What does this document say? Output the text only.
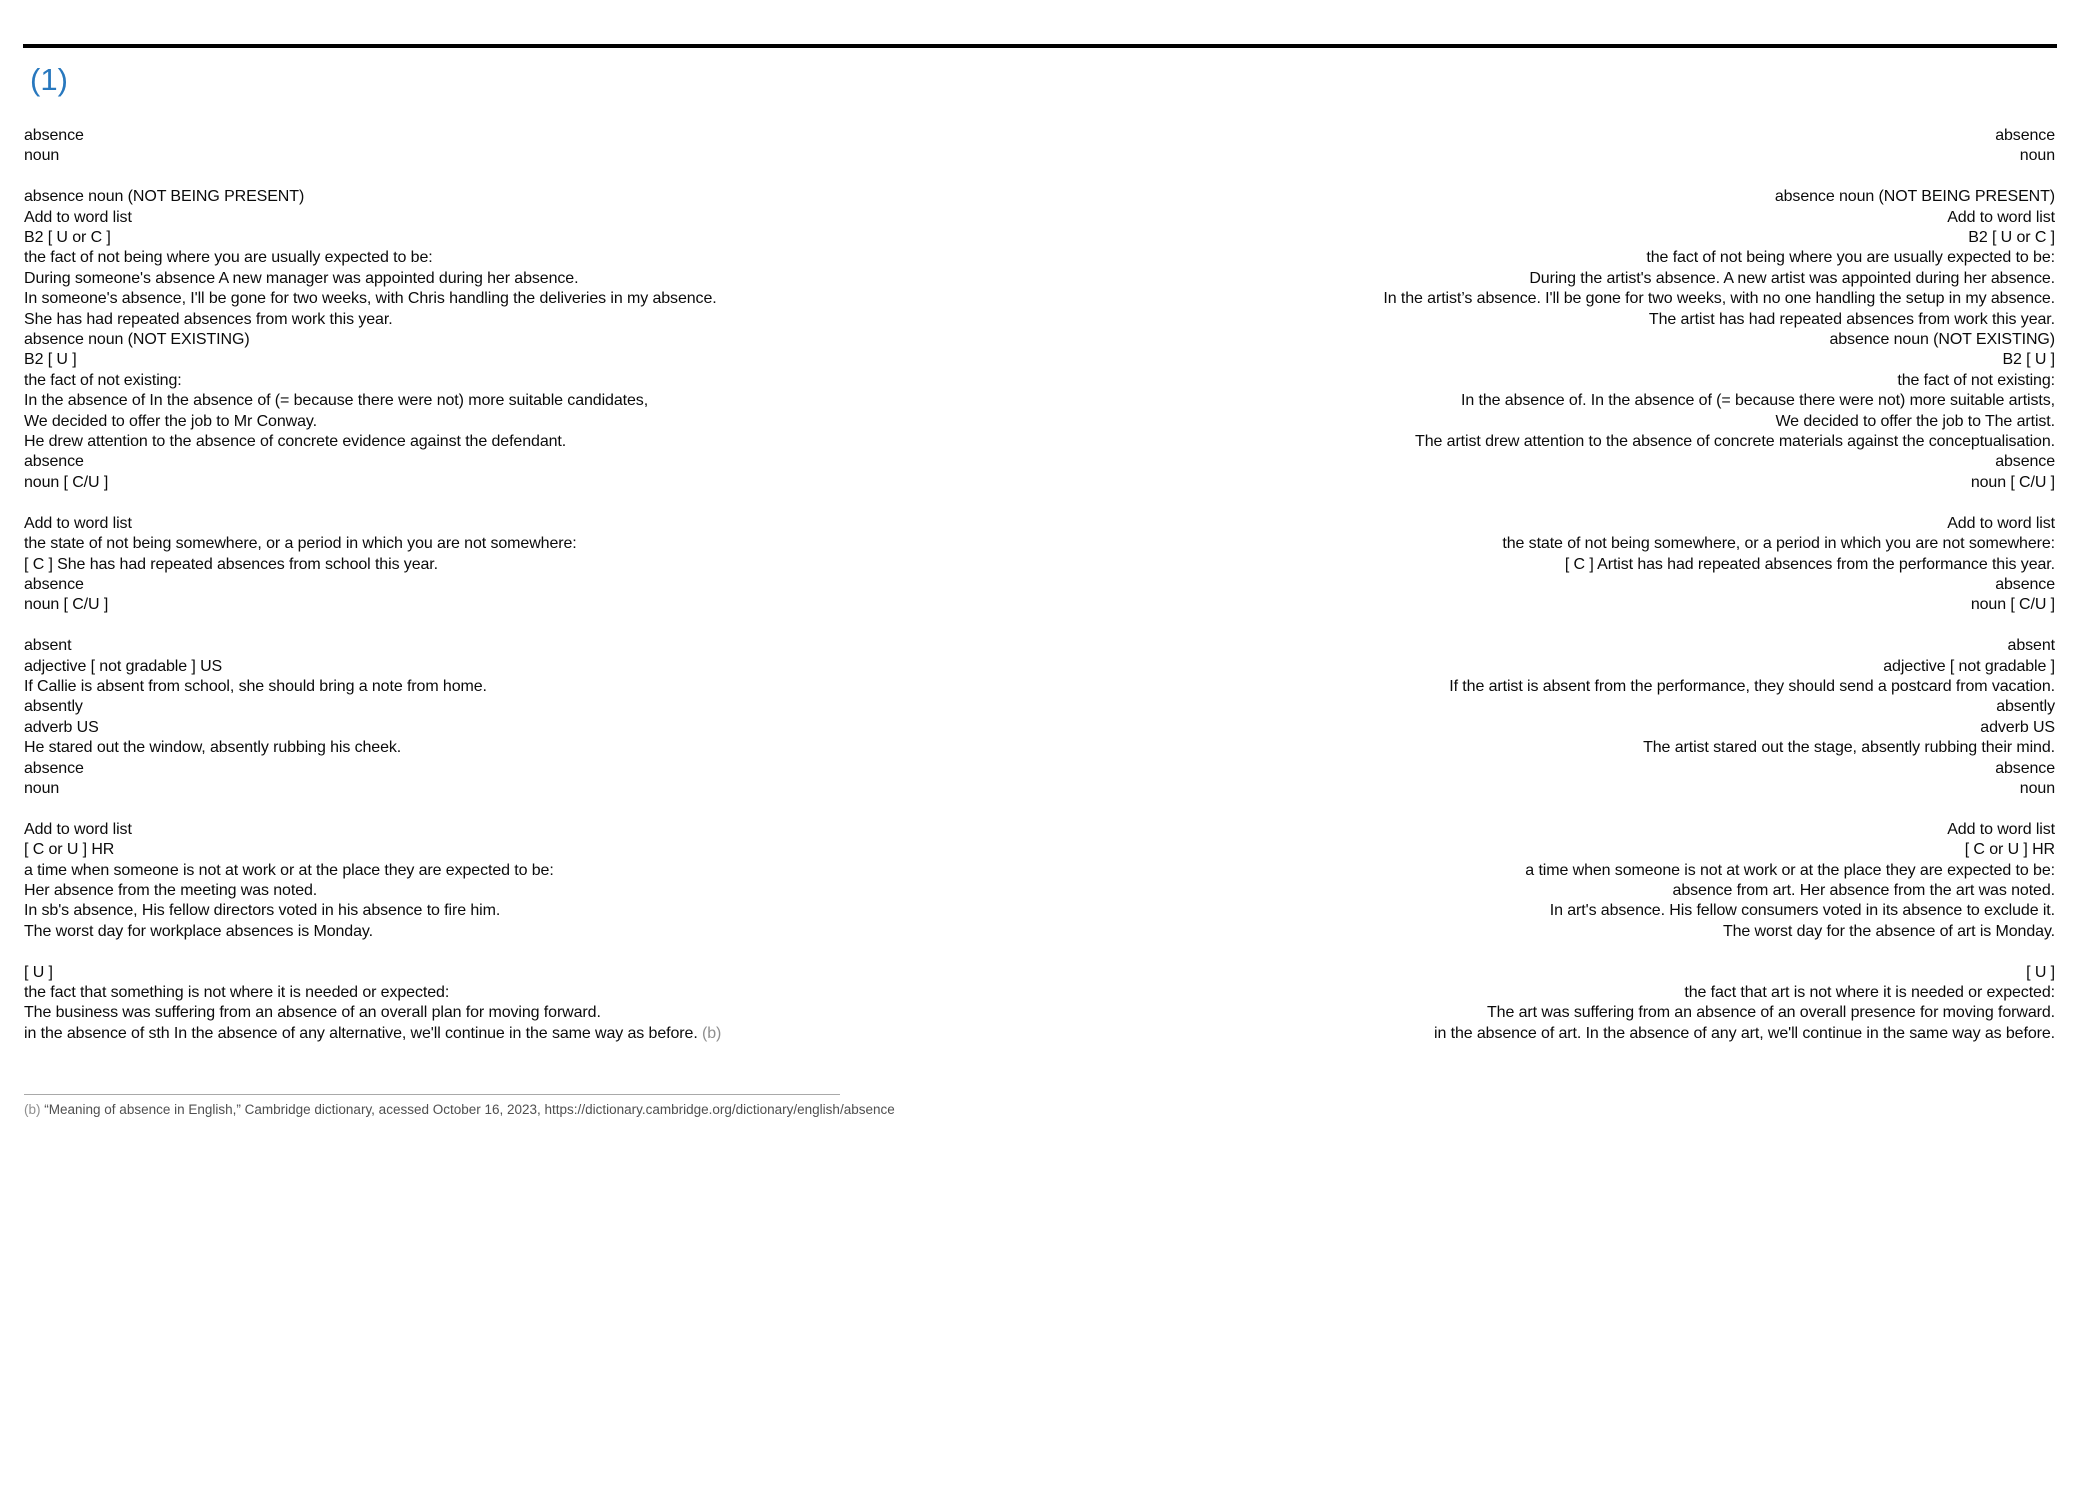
(1)
absence
noun
absence noun (NOT BEING PRESENT)
Add to word list
B2 [ U or C ]
the fact of not being where you are usually expected to be:
During someone's absence A new manager was appointed during her absence.
In someone's absence, I'll be gone for two weeks, with Chris handling the deliveries in my absence.
She has had repeated absences from work this year.
absence noun (NOT EXISTING)
B2 [ U ]
the fact of not existing:
In the absence of In the absence of (= because there were not) more suitable candidates,
We decided to offer the job to Mr Conway.
He drew attention to the absence of concrete evidence against the defendant.
absence
noun [ C/U ]
Add to word list
the state of not being somewhere, or a period in which you are not somewhere:
[ C ] She has had repeated absences from school this year.
absence
noun [ C/U ]
absent
adjective [ not gradable ] US
If Callie is absent from school, she should bring a note from home.
absently
adverb US
He stared out the window, absently rubbing his cheek.
absence
noun
Add to word list
[ C or U ] HR
a time when someone is not at work or at the place they are expected to be:
Her absence from the meeting was noted.
In sb's absence, His fellow directors voted in his absence to fire him.
The worst day for workplace absences is Monday.
[ U ]
the fact that something is not where it is needed or expected:
The business was suffering from an absence of an overall plan for moving forward.
in the absence of sth In the absence of any alternative, we'll continue in the same way as before. (b)
absence
noun
absence noun (NOT BEING PRESENT)
Add to word list
B2 [ U or C ]
the fact of not being where you are usually expected to be:
During the artist's absence. A new artist was appointed during her absence.
In the artist’s absence. I'll be gone for two weeks, with no one handling the setup in my absence.
The artist has had repeated absences from work this year.
absence noun (NOT EXISTING)
B2 [ U ]
the fact of not existing:
In the absence of. In the absence of (= because there were not) more suitable artists,
We decided to offer the job to The artist.
The artist drew attention to the absence of concrete materials against the conceptualisation.
absence
noun [ C/U ]
Add to word list
the state of not being somewhere, or a period in which you are not somewhere:
[ C ] Artist has had repeated absences from the performance this year.
absence
noun [ C/U ]
absent
adjective [ not gradable ]
If the artist is absent from the performance, they should send a postcard from vacation.
absently
adverb US
The artist stared out the stage, absently rubbing their mind.
absence
noun
Add to word list
[ C or U ] HR
a time when someone is not at work or at the place they are expected to be:
absence from art. Her absence from the art was noted.
In art's absence. His fellow consumers voted in its absence to exclude it.
The worst day for the absence of art is Monday.
[ U ]
the fact that art is not where it is needed or expected:
The art was suffering from an absence of an overall presence for moving forward.
in the absence of art. In the absence of any art, we'll continue in the same way as before.
(b) “Meaning of absence in English,” Cambridge dictionary, acessed October 16, 2023, https://dictionary.cambridge.org/dictionary/english/absence
